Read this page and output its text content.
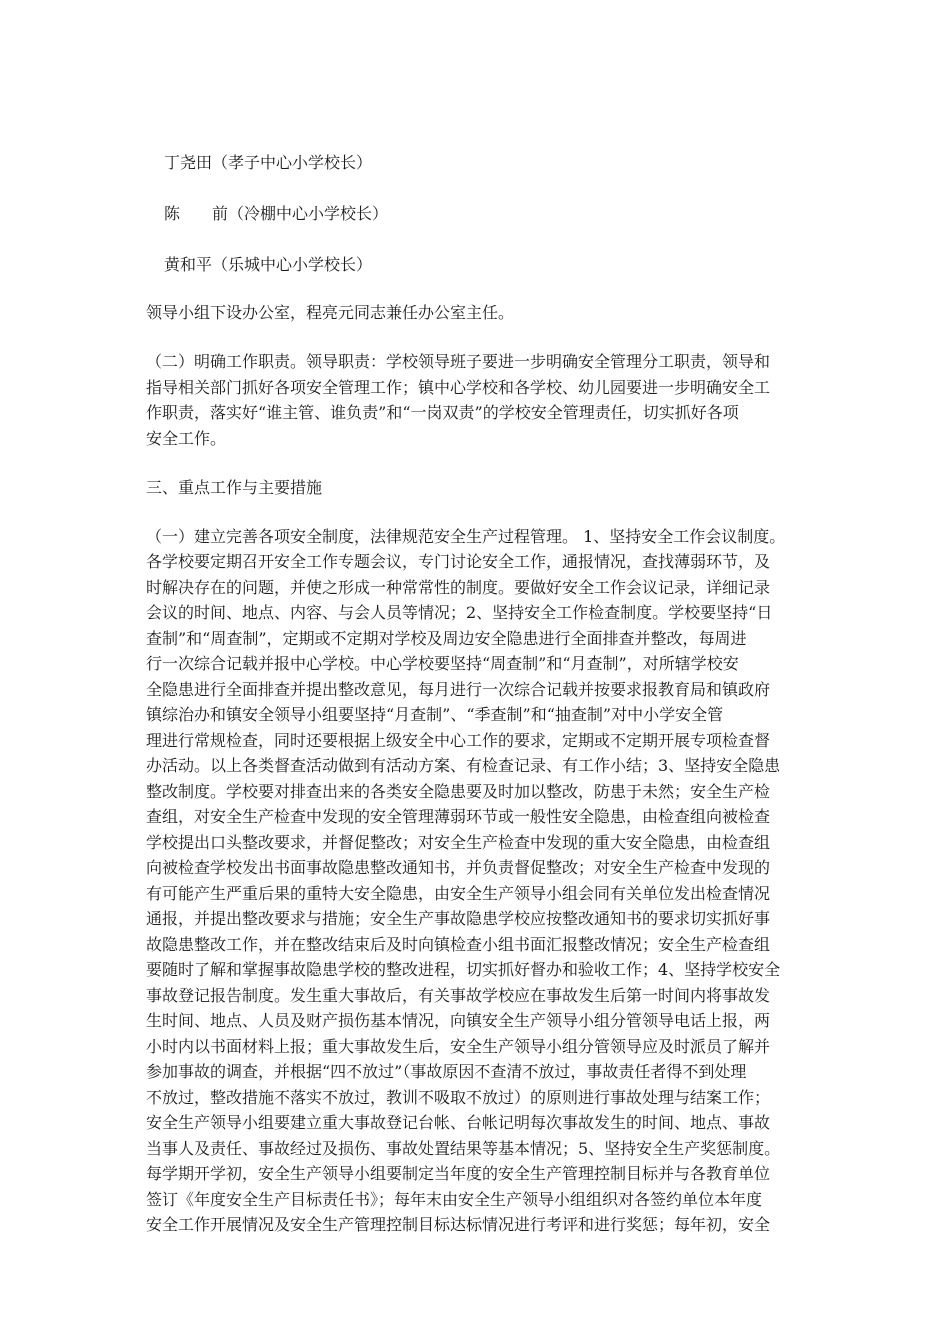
丁尧田（孝子中心小学校长）
陈　　前（冷棚中心小学校长）
黄和平（乐城中心小学校长）
领导小组下设办公室，程亮元同志兼任办公室主任。
（二）明确工作职责。领导职责：学校领导班子要进一步明确安全管理分工职责，领导和
指导相关部门抓好各项安全管理工作；镇中心学校和各学校、幼儿园要进一步明确安全工
作职责，落实好“谁主管、谁负责”和“一岗双责”的学校安全管理责任，切实抓好各项
安全工作。
三、重点工作与主要措施
（一）建立完善各项安全制度，法律规范安全生产过程管理。 1、坚持安全工作会议制度。
各学校要定期召开安全工作专题会议，专门讨论安全工作，通报情况，查找薄弱环节，及
时解决存在的问题，并使之形成一种常常性的制度。要做好安全工作会议记录，详细记录
会议的时间、地点、内容、与会人员等情况；2、坚持安全工作检查制度。学校要坚持“日
查制”和“周查制”，定期或不定期对学校及周边安全隐患进行全面排查并整改，每周进
行一次综合记载并报中心学校。中心学校要坚持“周查制”和“月查制”，对所辖学校安
全隐患进行全面排查并提出整改意见，每月进行一次综合记载并按要求报教育局和镇政府
镇综治办和镇安全领导小组要坚持“月查制”、“季查制”和“抽查制”对中小学安全管
理进行常规检查，同时还要根据上级安全中心工作的要求，定期或不定期开展专项检查督
办活动。以上各类督查活动做到有活动方案、有检查记录、有工作小结；3、坚持安全隐患
整改制度。学校要对排查出来的各类安全隐患要及时加以整改，防患于未然；安全生产检
查组，对安全生产检查中发现的安全管理薄弱环节或一般性安全隐患，由检查组向被检查
学校提出口头整改要求，并督促整改；对安全生产检查中发现的重大安全隐患，由检查组
向被检查学校发出书面事故隐患整改通知书，并负责督促整改；对安全生产检查中发现的
有可能产生严重后果的重特大安全隐患，由安全生产领导小组会同有关单位发出检查情况
通报，并提出整改要求与措施；安全生产事故隐患学校应按整改通知书的要求切实抓好事
故隐患整改工作，并在整改结束后及时向镇检查小组书面汇报整改情况；安全生产检查组
要随时了解和掌握事故隐患学校的整改进程，切实抓好督办和验收工作；4、坚持学校安全
事故登记报告制度。发生重大事故后，有关事故学校应在事故发生后第一时间内将事故发
生时间、地点、人员及财产损伤基本情况，向镇安全生产领导小组分管领导电话上报，两
小时内以书面材料上报；重大事故发生后，安全生产领导小组分管领导应及时派员了解并
参加事故的调查，并根据“四不放过”（事故原因不查清不放过，事故责任者得不到处理
不放过，整改措施不落实不放过，教训不吸取不放过）的原则进行事故处理与结案工作；
安全生产领导小组要建立重大事故登记台帐、台帐记明每次事故发生的时间、地点、事故
当事人及责任、事故经过及损伤、事故处置结果等基本情况；5、坚持安全生产奖惩制度。
每学期开学初，安全生产领导小组要制定当年度的安全生产管理控制目标并与各教育单位
签订《年度安全生产目标责任书》；每年末由安全生产领导小组组织对各签约单位本年度
安全工作开展情况及安全生产管理控制目标达标情况进行考评和进行奖惩；每年初，安全
